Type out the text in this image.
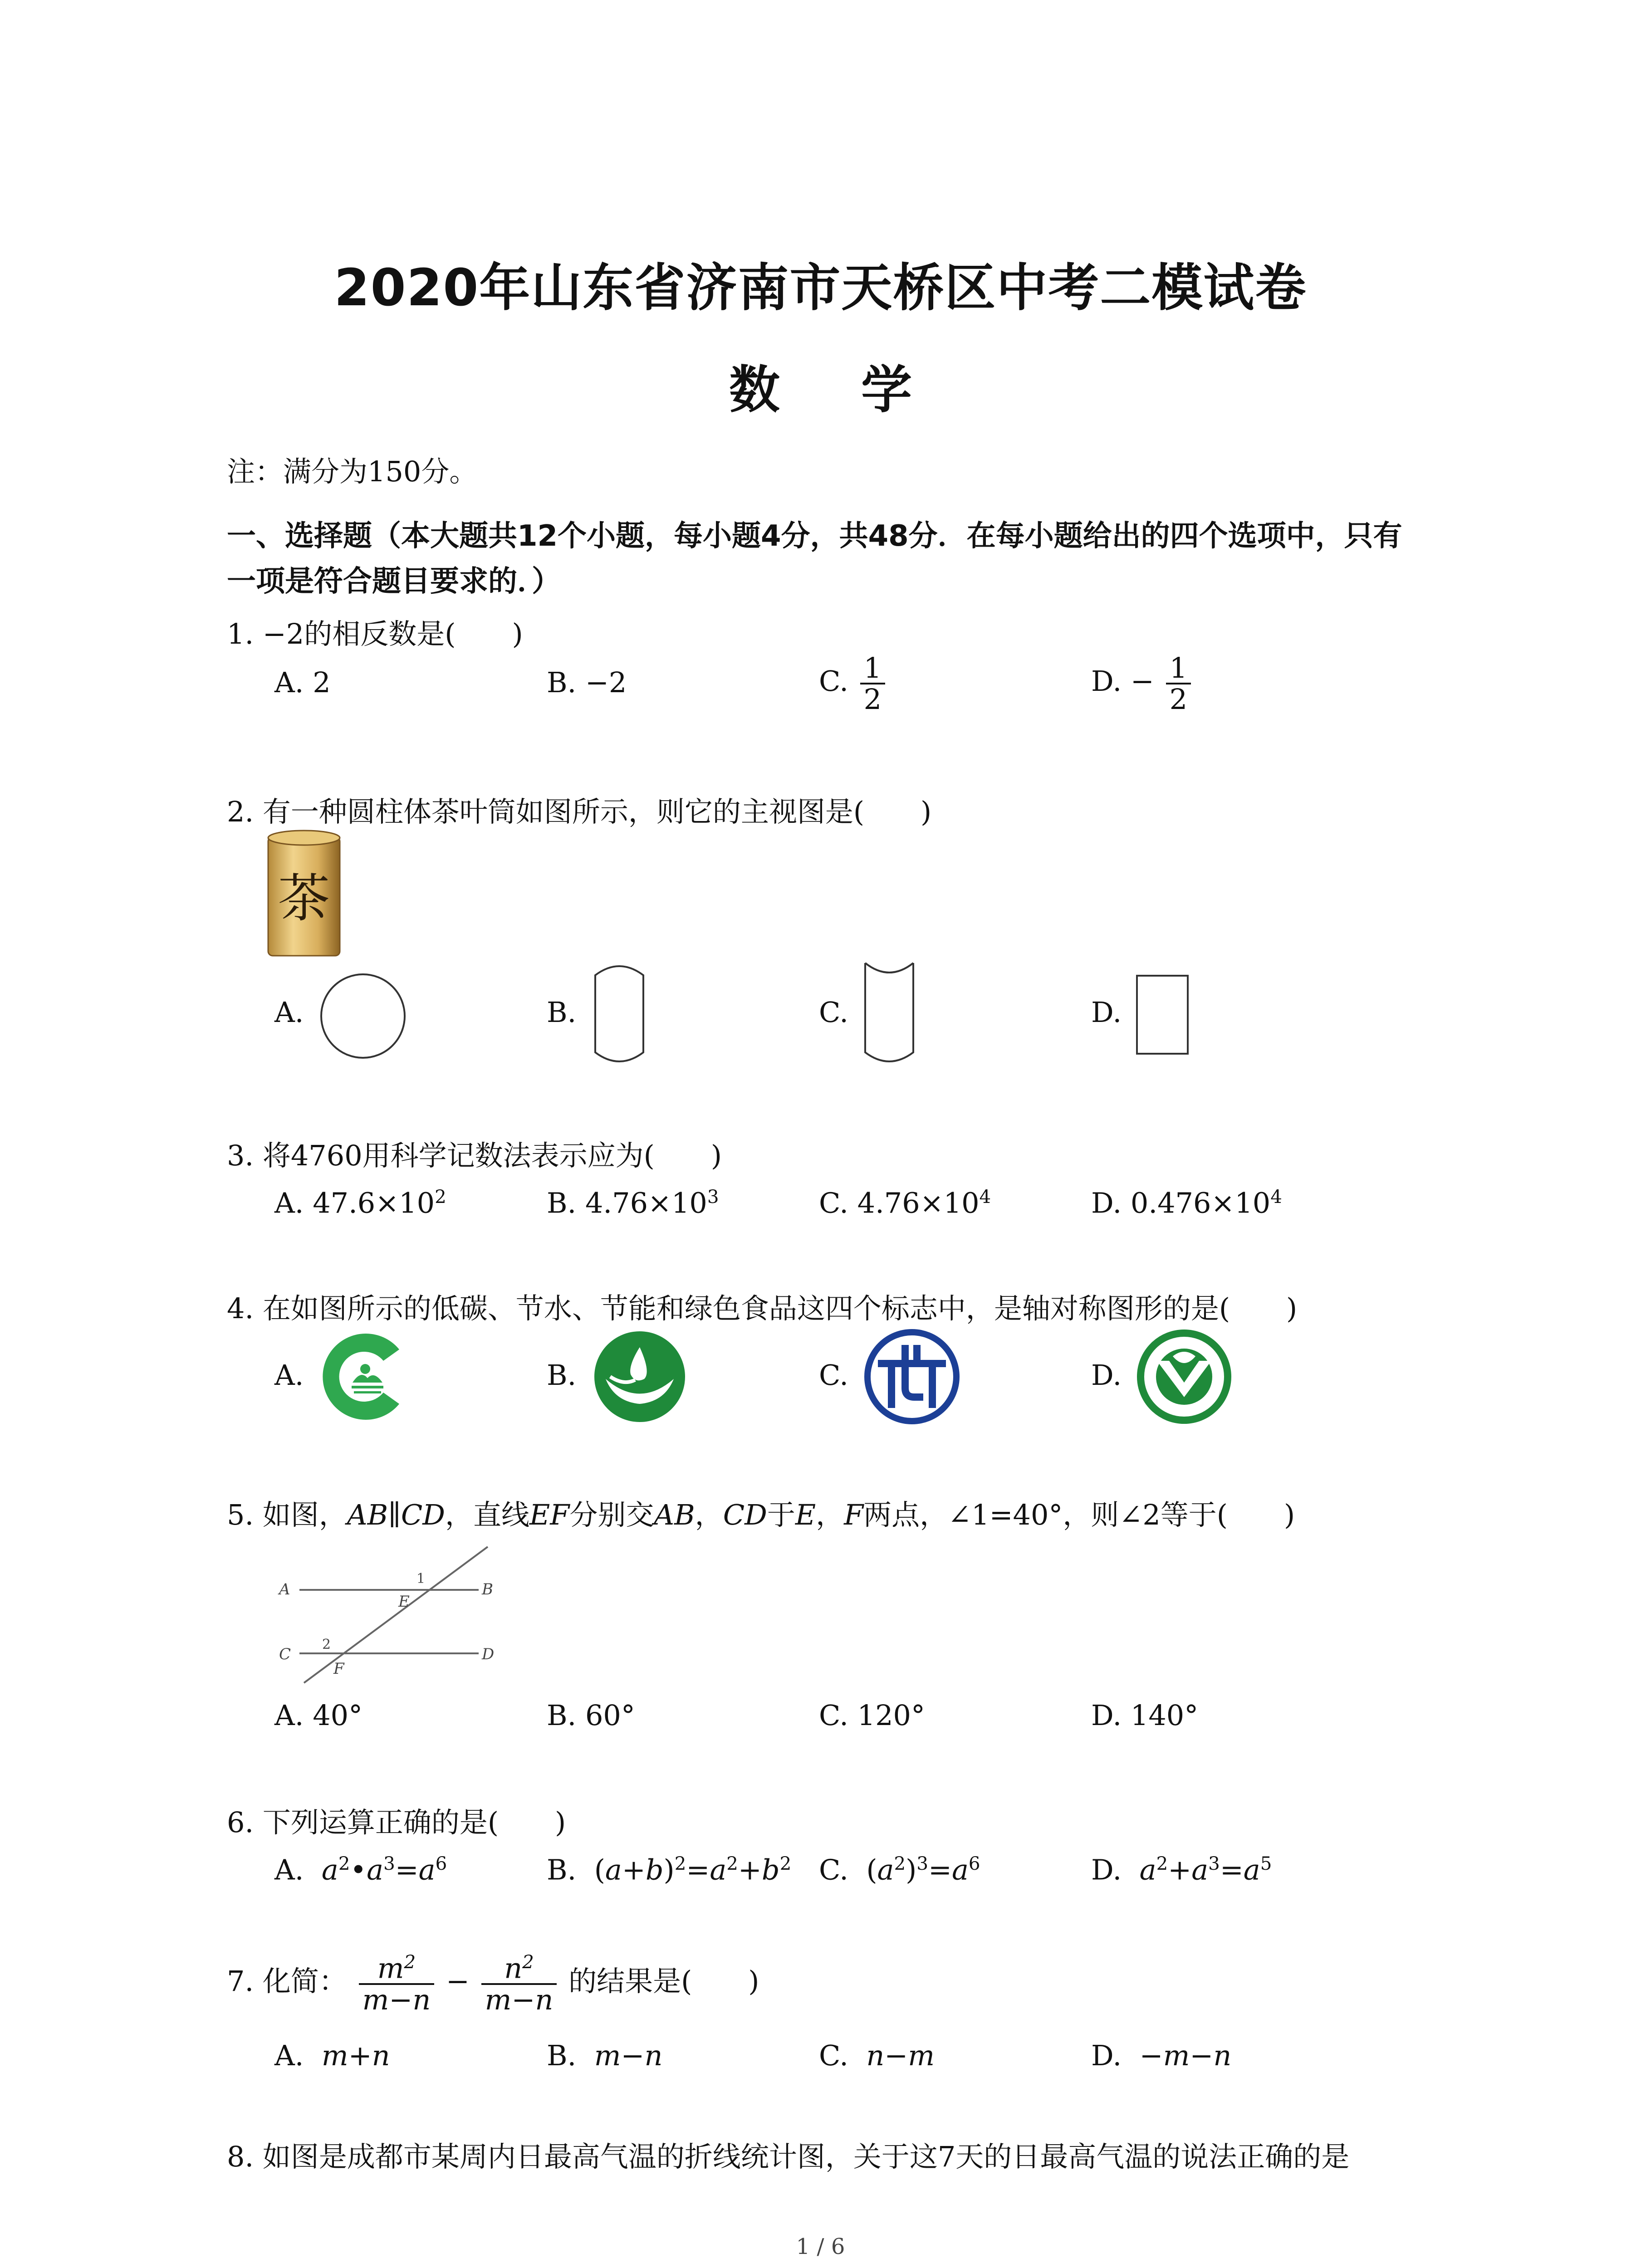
2020年山东省济南市天桥区中考二模试卷
数 学
注：满分为150分。
一、选择题（本大题共12个小题，每小题4分，共48分．在每小题给出的四个选项中，只有
一项是符合题目要求的．）
1. −2的相反数是(　　)
A. 2	B. −2	C. $\frac{1}{2}$	D. − $\frac{1}{2}$
2. 有一种圆柱体茶叶筒如图所示，则它的主视图是(　　)
茶
A.	B.	C.	D.
3. 将4760用科学记数法表示应为(　　)
A. $47.6\times 10^2$	B. $4.76\times 10^3$	C. $4.76\times 10^4$	D. $0.476\times 10^4$
4. 在如图所示的低碳、节水、节能和绿色食品这四个标志中，是轴对称图形的是(　　)
A.	B.	C.	D.
5. 如图，AB∥CD，直线EF分别交AB，CD于E，F两点，∠1=40°，则∠2等于(　　)
A	B
C	D
E
F
1
2
A. 40°	B. 60°	C. 120°	D. 140°
6. 下列运算正确的是(　　)
A. $a^2•a^3=a^6$	B.  $(a+b)^2=a^2+b^2$ C.  $(a^2)^3=a^6$	D. $a^2+a^3=a^5$
7. 化简： $\frac{m^2}{m-n} - \frac{n^2}{m-n}$ 的结果是(　　)
A. m+n	B. m−n	C. n−m	D. −m−n
8. 如图是成都市某周内日最高气温的折线统计图，关于这7天的日最高气温的说法正确的是
1 / 6
